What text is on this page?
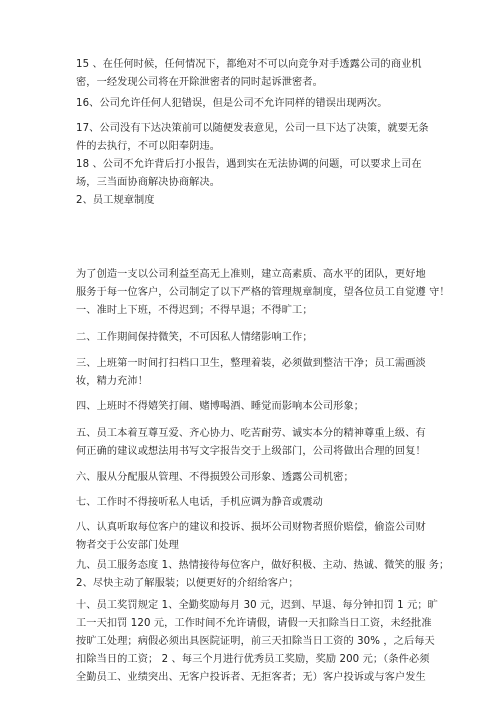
15 、在任何时候，任何情况下，都绝对不可以向竞争对手透露公司的商业机
密，一经发现公司将在开除泄密者的同时起诉泄密者。

16、公司允许任何人犯错误，但是公司不允许同样的错误出现两次。

17、公司没有下达决策前可以随便发表意见，公司一旦下达了决策，就要无条
件的去执行，不可以阳奉阴违。

18 、公司不允许背后打小报告，遇到实在无法协调的问题，可以要求上司在
场，三当面协商解决协商解决。

2、员工规章制度

为了创造一支以公司利益至高无上准则，建立高素质、高水平的团队，更好地
服务于每一位客户，公司制定了以下严格的管理规章制度，望各位员工自觉遵 守！

一、准时上下班，不得迟到；不得早退；不得旷工；

二、工作期间保持微笑，不可因私人情绪影响工作；

三、上班第一时间打扫档口卫生，整理着装，必须做到整洁干净；员工需画淡
妆，精力充沛！

四、上班时不得嬉笑打闹、赌博喝酒、睡觉而影响本公司形象；

五、员工本着互尊互爱、齐心协力、吃苦耐劳、诚实本分的精神尊重上级、有
何正确的建议或想法用书写文字报告交于上级部门，公司将做出合理的回复！

六、服从分配服从管理、不得损毁公司形象、透露公司机密；

七、工作时不得接听私人电话，手机应调为静音或震动

八、认真听取每位客户的建议和投诉、损坏公司财物者照价赔偿，偷盗公司财
物者交于公安部门处理

九、员工服务态度 1、热情接待每位客户，做好积极、主动、热诚、微笑的服 务；
2、尽快主动了解服装；以便更好的介绍给客户；

十、员工奖罚规定 1、全勤奖励每月 30 元，迟到、早退、每分钟扣罚 1 元；旷
工一天扣罚 120 元，工作时间不允许请假，请假一天扣除当日工资，未经批准
按旷工处理；病假必须出具医院证明，前三天扣除当日工资的 30% ，之后每天
扣除当日的工资； 2 、每三个月进行优秀员工奖励，奖励 200 元；（条件必须
全勤员工、业绩突出、无客户投诉者、无拒客者；无）客户投诉或与客户发生
